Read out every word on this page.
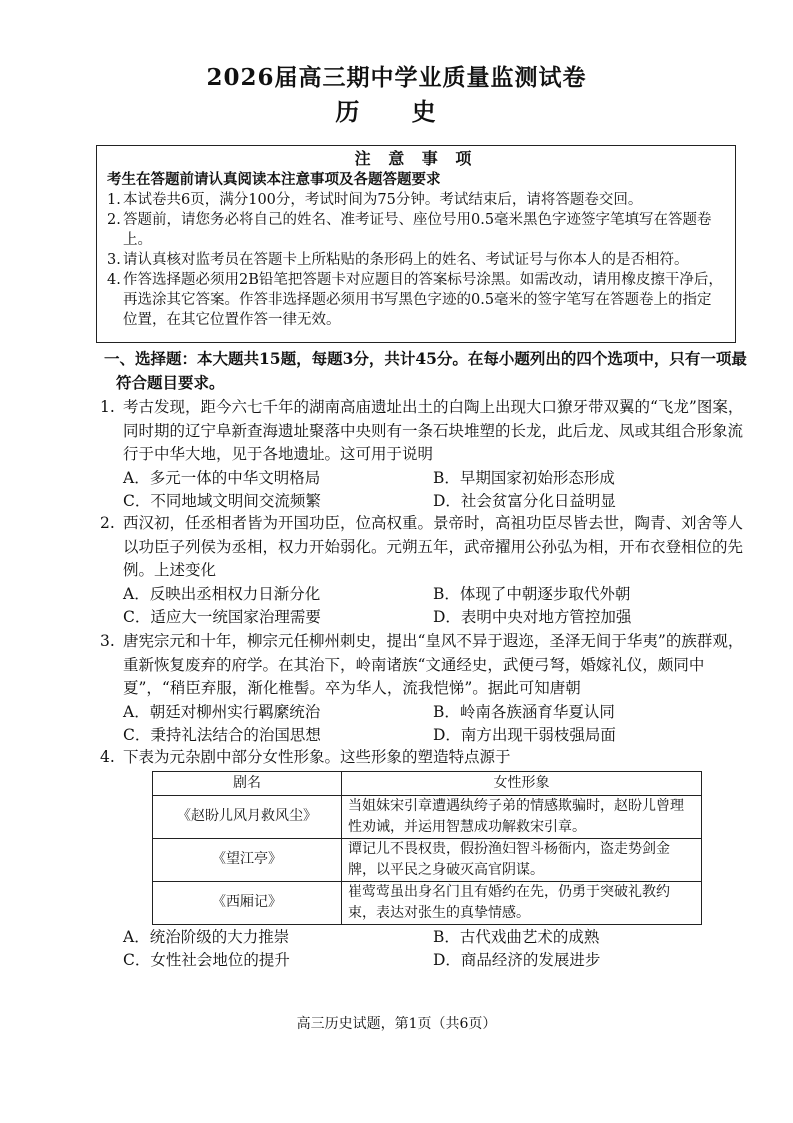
2026届高三期中学业质量监测试卷
历 史
注 意 事 项
考生在答题前请认真阅读本注意事项及各题答题要求
1. 本试卷共6页，满分100分，考试时间为75分钟。考试结束后，请将答题卷交回。
2. 答题前，请您务必将自己的姓名、准考证号、座位号用0.5毫米黑色字迹签字笔填写在答题卷上。
3. 请认真核对监考员在答题卡上所粘贴的条形码上的姓名、考试证号与你本人的是否相符。
4. 作答选择题必须用2B铅笔把答题卡对应题目的答案标号涂黑。如需改动，请用橡皮擦干净后，再选涂其它答案。作答非选择题必须用书写黑色字迹的0.5毫米的签字笔写在答题卷上的指定位置，在其它位置作答一律无效。
一、选择题：本大题共15题，每题3分，共计45分。在每小题列出的四个选项中，只有一项最符合题目要求。
1. 考古发现，距今六七千年的湖南高庙遗址出土的白陶上出现大口獠牙带双翼的“飞龙”图案，同时期的辽宁阜新查海遗址聚落中央则有一条石块堆塑的长龙，此后龙、凤或其组合形象流行于中华大地，见于各地遗址。这可用于说明
A．多元一体的中华文明格局	B．早期国家初始形态形成
C．不同地域文明间交流频繁	D．社会贫富分化日益明显
2. 西汉初，任丞相者皆为开国功臣，位高权重。景帝时，高祖功臣尽皆去世，陶青、刘舍等人以功臣子列侯为丞相，权力开始弱化。元朔五年，武帝擢用公孙弘为相，开布衣登相位的先例。上述变化
A．反映出丞相权力日渐分化	B．体现了中朝逐步取代外朝
C．适应大一统国家治理需要	D．表明中央对地方管控加强
3. 唐宪宗元和十年，柳宗元任柳州刺史，提出“皇风不异于遐迩，圣泽无间于华夷”的族群观，重新恢复废弃的府学。在其治下，岭南诸族“文通经史，武便弓弩，婚嫁礼仪，颇同中夏”，“稍臣弃服，渐化椎髻。卒为华人，流我恺悌”。据此可知唐朝
A．朝廷对柳州实行羁縻统治	B．岭南各族涵育华夏认同
C．秉持礼法结合的治国思想	D．南方出现干弱枝强局面
4. 下表为元杂剧中部分女性形象。这些形象的塑造特点源于
剧名	女性形象
《赵盼儿风月救风尘》	当姐妹宋引章遭遇纨绔子弟的情感欺骗时，赵盼儿曾理性劝诫，并运用智慧成功解救宋引章。
《望江亭》	谭记儿不畏权贵，假扮渔妇智斗杨衙内，盗走势剑金牌，以平民之身破灭高官阴谋。
《西厢记》	崔莺莺虽出身名门且有婚约在先，仍勇于突破礼教约束，表达对张生的真挚情感。
A．统治阶级的大力推崇	B．古代戏曲艺术的成熟
C．女性社会地位的提升	D．商品经济的发展进步
高三历史试题，第1页（共6页）
